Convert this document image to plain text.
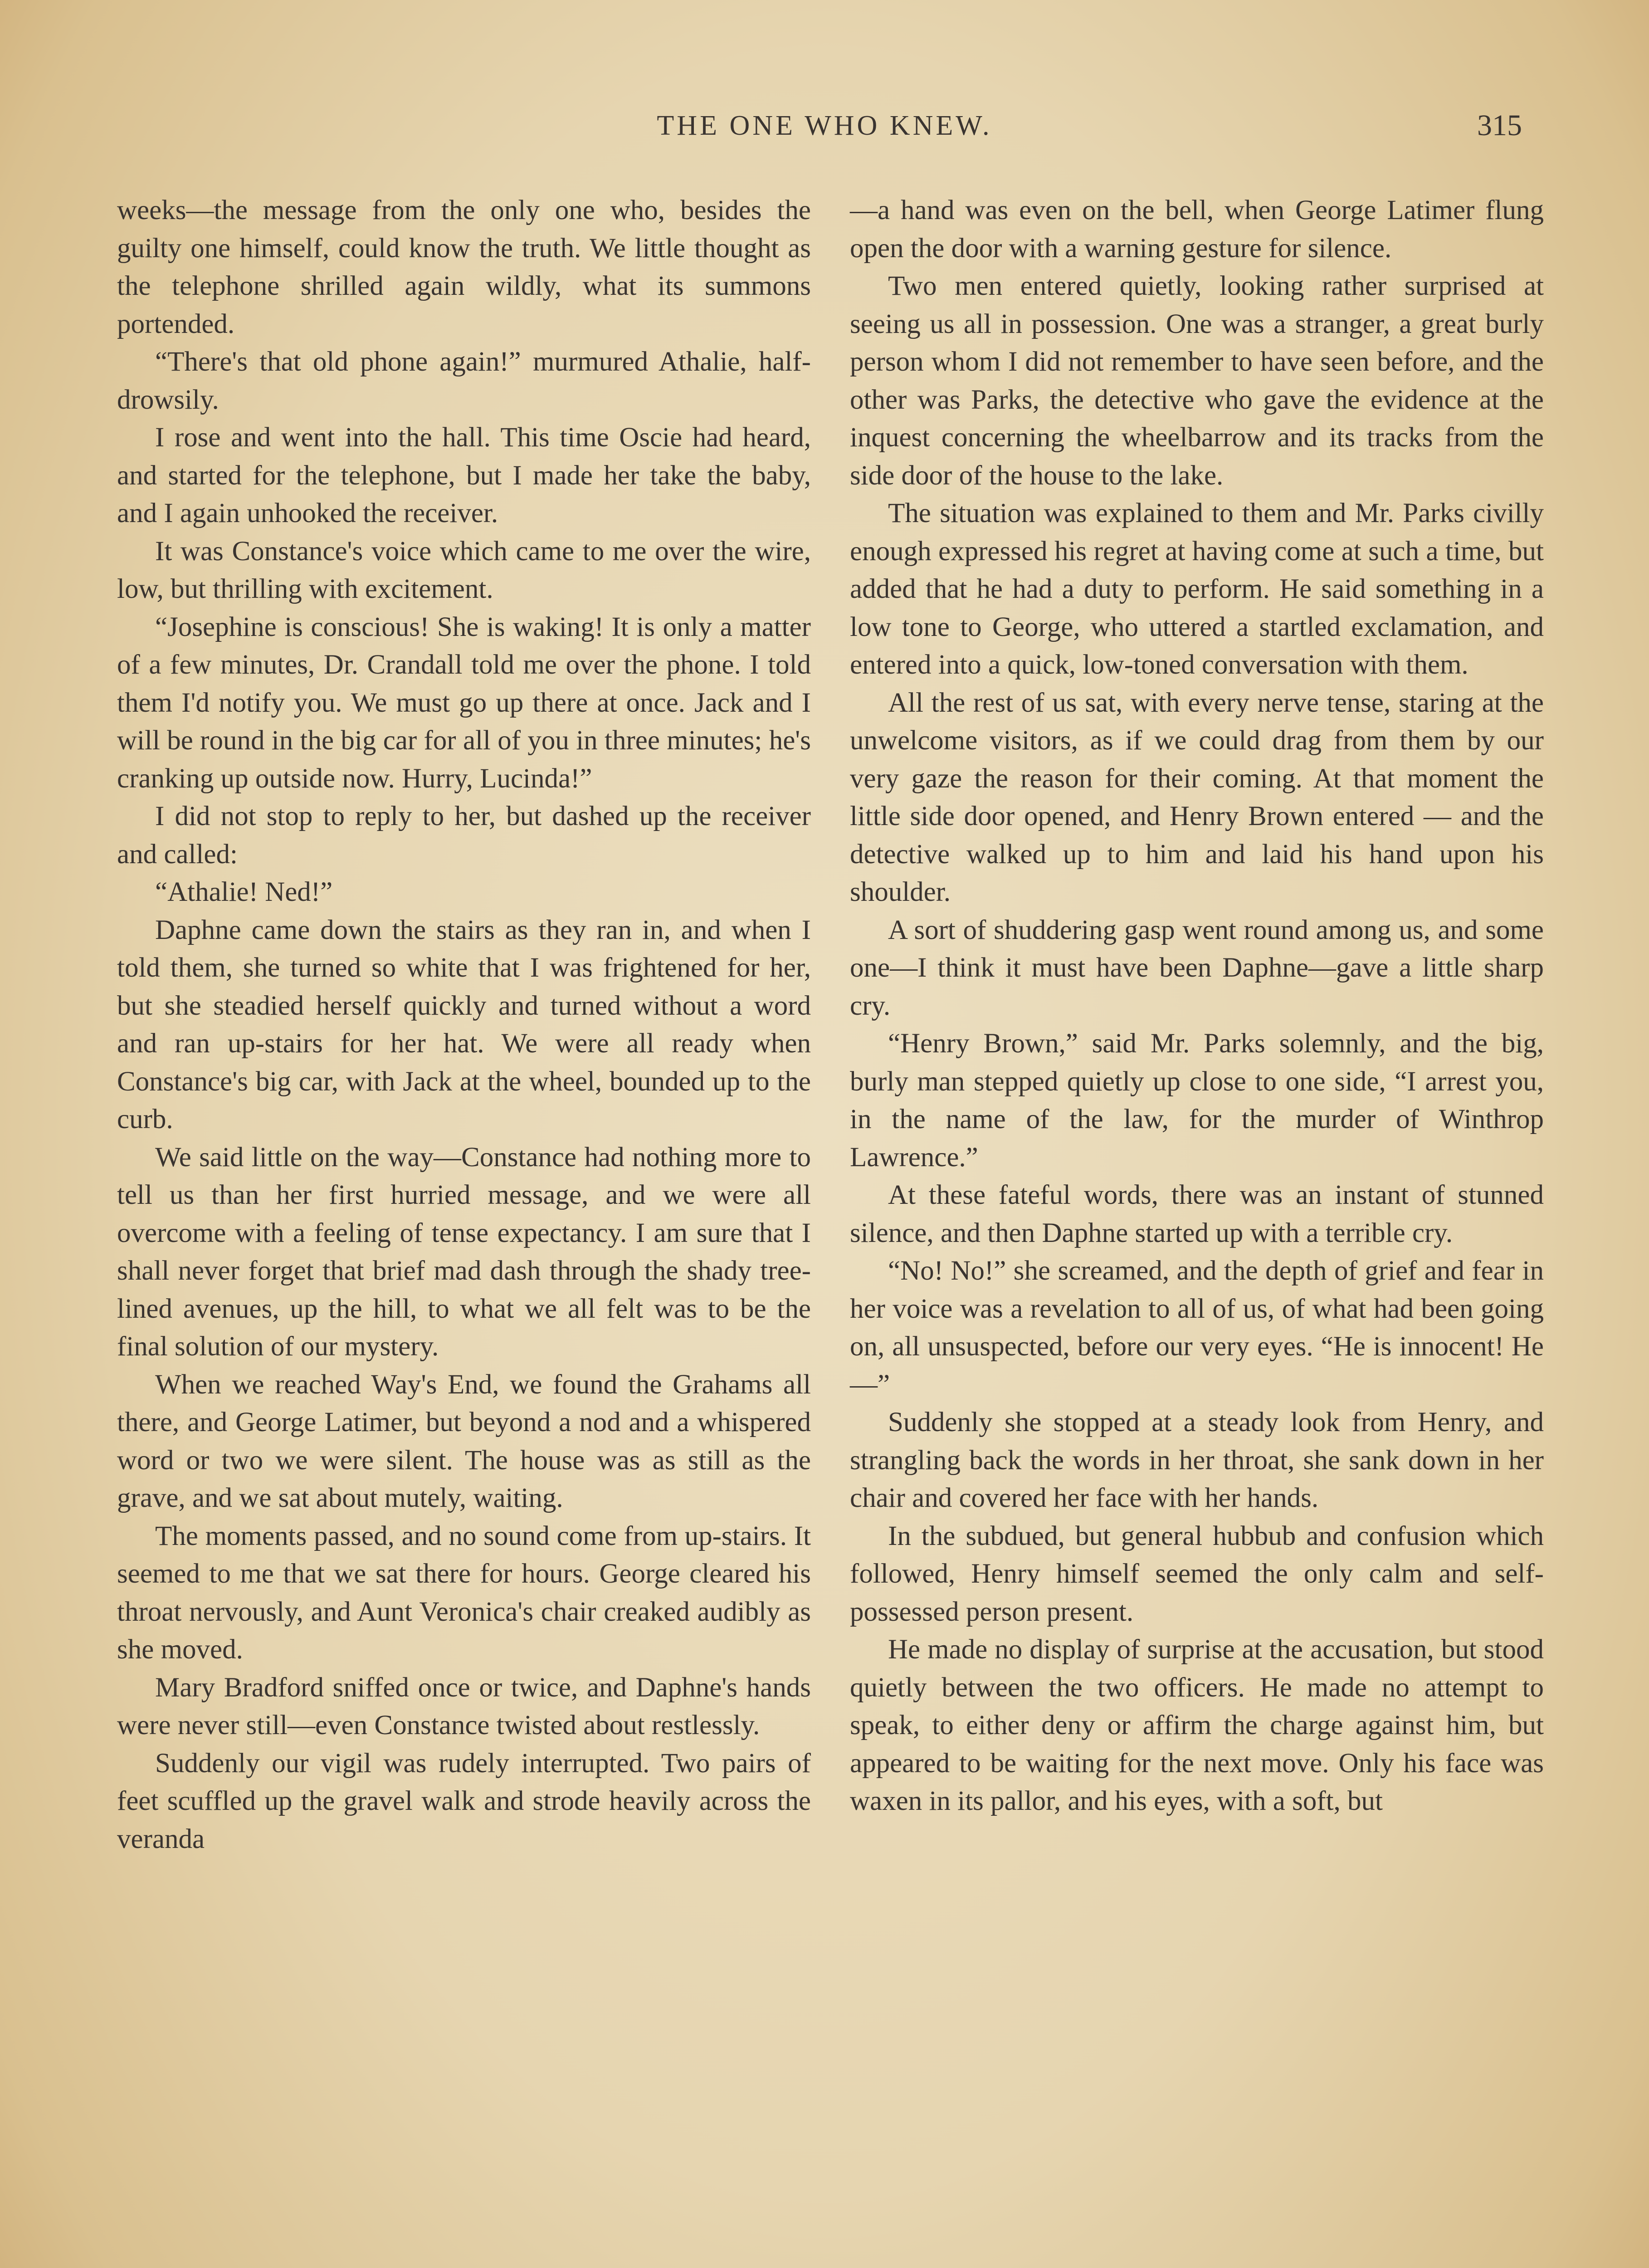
THE ONE WHO KNEW.	315

weeks—the message from the only one who, besides the guilty one himself, could know the truth. We little thought as the telephone shrilled again wildly, what its summons portended.

“There's that old phone again!” murmured Athalie, half-drowsily.

I rose and went into the hall. This time Oscie had heard, and started for the telephone, but I made her take the baby, and I again unhooked the receiver.

It was Constance's voice which came to me over the wire, low, but thrilling with excitement.

“Josephine is conscious! She is waking! It is only a matter of a few minutes, Dr. Crandall told me over the phone. I told them I'd notify you. We must go up there at once. Jack and I will be round in the big car for all of you in three minutes; he's cranking up outside now. Hurry, Lucinda!”

I did not stop to reply to her, but dashed up the receiver and called:

“Athalie! Ned!”

Daphne came down the stairs as they ran in, and when I told them, she turned so white that I was frightened for her, but she steadied herself quickly and turned without a word and ran up-stairs for her hat. We were all ready when Constance's big car, with Jack at the wheel, bounded up to the curb.

We said little on the way—Constance had nothing more to tell us than her first hurried message, and we were all overcome with a feeling of tense expectancy. I am sure that I shall never forget that brief mad dash through the shady tree-lined avenues, up the hill, to what we all felt was to be the final solution of our mystery.

When we reached Way's End, we found the Grahams all there, and George Latimer, but beyond a nod and a whispered word or two we were silent. The house was as still as the grave, and we sat about mutely, waiting.

The moments passed, and no sound come from up-stairs. It seemed to me that we sat there for hours. George cleared his throat nervously, and Aunt Veronica's chair creaked audibly as she moved.

Mary Bradford sniffed once or twice, and Daphne's hands were never still—even Constance twisted about restlessly.

Suddenly our vigil was rudely interrupted. Two pairs of feet scuffled up the gravel walk and strode heavily across the veranda

—a hand was even on the bell, when George Latimer flung open the door with a warning gesture for silence.

Two men entered quietly, looking rather surprised at seeing us all in possession. One was a stranger, a great burly person whom I did not remember to have seen before, and the other was Parks, the detective who gave the evidence at the inquest concerning the wheelbarrow and its tracks from the side door of the house to the lake.

The situation was explained to them and Mr. Parks civilly enough expressed his regret at having come at such a time, but added that he had a duty to perform. He said something in a low tone to George, who uttered a startled exclamation, and entered into a quick, low-toned conversation with them.

All the rest of us sat, with every nerve tense, staring at the unwelcome visitors, as if we could drag from them by our very gaze the reason for their coming. At that moment the little side door opened, and Henry Brown entered — and the detective walked up to him and laid his hand upon his shoulder.

A sort of shuddering gasp went round among us, and some one—I think it must have been Daphne—gave a little sharp cry.

“Henry Brown,” said Mr. Parks solemnly, and the big, burly man stepped quietly up close to one side, “I arrest you, in the name of the law, for the murder of Winthrop Lawrence.”

At these fateful words, there was an instant of stunned silence, and then Daphne started up with a terrible cry.

“No! No!” she screamed, and the depth of grief and fear in her voice was a revelation to all of us, of what had been going on, all unsuspected, before our very eyes. “He is innocent! He—”

Suddenly she stopped at a steady look from Henry, and strangling back the words in her throat, she sank down in her chair and covered her face with her hands.

In the subdued, but general hubbub and confusion which followed, Henry himself seemed the only calm and self-possessed person present.

He made no display of surprise at the accusation, but stood quietly between the two officers. He made no attempt to speak, to either deny or affirm the charge against him, but appeared to be waiting for the next move. Only his face was waxen in its pallor, and his eyes, with a soft, but
